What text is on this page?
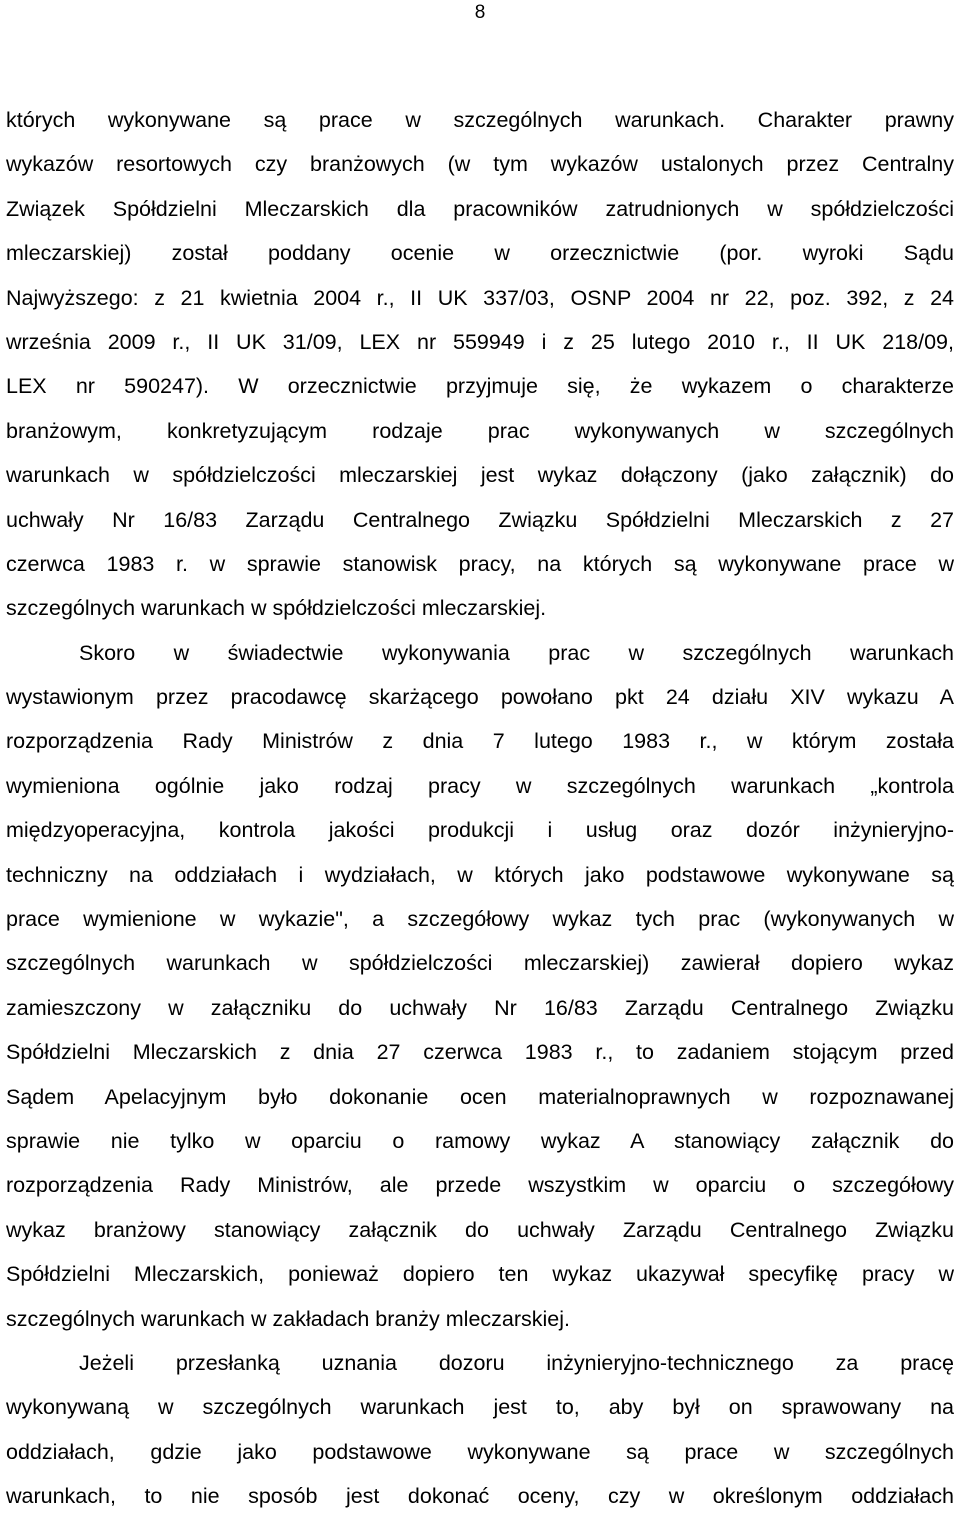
8
których wykonywane są prace w szczególnych warunkach. Charakter prawny
wykazów resortowych czy branżowych (w tym wykazów ustalonych przez Centralny
Związek Spółdzielni Mleczarskich dla pracowników zatrudnionych w spółdzielczości
mleczarskiej) został poddany ocenie w orzecznictwie (por. wyroki Sądu
Najwyższego: z 21 kwietnia 2004 r., II UK 337/03, OSNP 2004 nr 22, poz. 392, z 24
września 2009 r., II UK 31/09, LEX nr 559949 i z 25 lutego 2010 r., II UK 218/09,
LEX nr 590247). W orzecznictwie przyjmuje się, że wykazem o charakterze
branżowym, konkretyzującym rodzaje prac wykonywanych w szczególnych
warunkach w spółdzielczości mleczarskiej jest wykaz dołączony (jako załącznik) do
uchwały Nr 16/83 Zarządu Centralnego Związku Spółdzielni Mleczarskich z 27
czerwca 1983 r. w sprawie stanowisk pracy, na których są wykonywane prace w
szczególnych warunkach w spółdzielczości mleczarskiej.
Skoro w świadectwie wykonywania prac w szczególnych warunkach
wystawionym przez pracodawcę skarżącego powołano pkt 24 działu XIV wykazu A
rozporządzenia Rady Ministrów z dnia 7 lutego 1983 r., w którym została
wymieniona ogólnie jako rodzaj pracy w szczególnych warunkach „kontrola
międzyoperacyjna, kontrola jakości produkcji i usług oraz dozór inżynieryjno-
techniczny na oddziałach i wydziałach, w których jako podstawowe wykonywane są
prace wymienione w wykazie", a szczegółowy wykaz tych prac (wykonywanych w
szczególnych warunkach w spółdzielczości mleczarskiej) zawierał dopiero wykaz
zamieszczony w załączniku do uchwały Nr 16/83 Zarządu Centralnego Związku
Spółdzielni Mleczarskich z dnia 27 czerwca 1983 r., to zadaniem stojącym przed
Sądem Apelacyjnym było dokonanie ocen materialnoprawnych w rozpoznawanej
sprawie nie tylko w oparciu o ramowy wykaz A stanowiący załącznik do
rozporządzenia Rady Ministrów, ale przede wszystkim w oparciu o szczegółowy
wykaz branżowy stanowiący załącznik do uchwały Zarządu Centralnego Związku
Spółdzielni Mleczarskich, ponieważ dopiero ten wykaz ukazywał specyfikę pracy w
szczególnych warunkach w zakładach branży mleczarskiej.
Jeżeli przesłanką uznania dozoru inżynieryjno-technicznego za pracę
wykonywaną w szczególnych warunkach jest to, aby był on sprawowany na
oddziałach, gdzie jako podstawowe wykonywane są prace w szczególnych
warunkach, to nie sposób jest dokonać oceny, czy w określonym oddziałach
